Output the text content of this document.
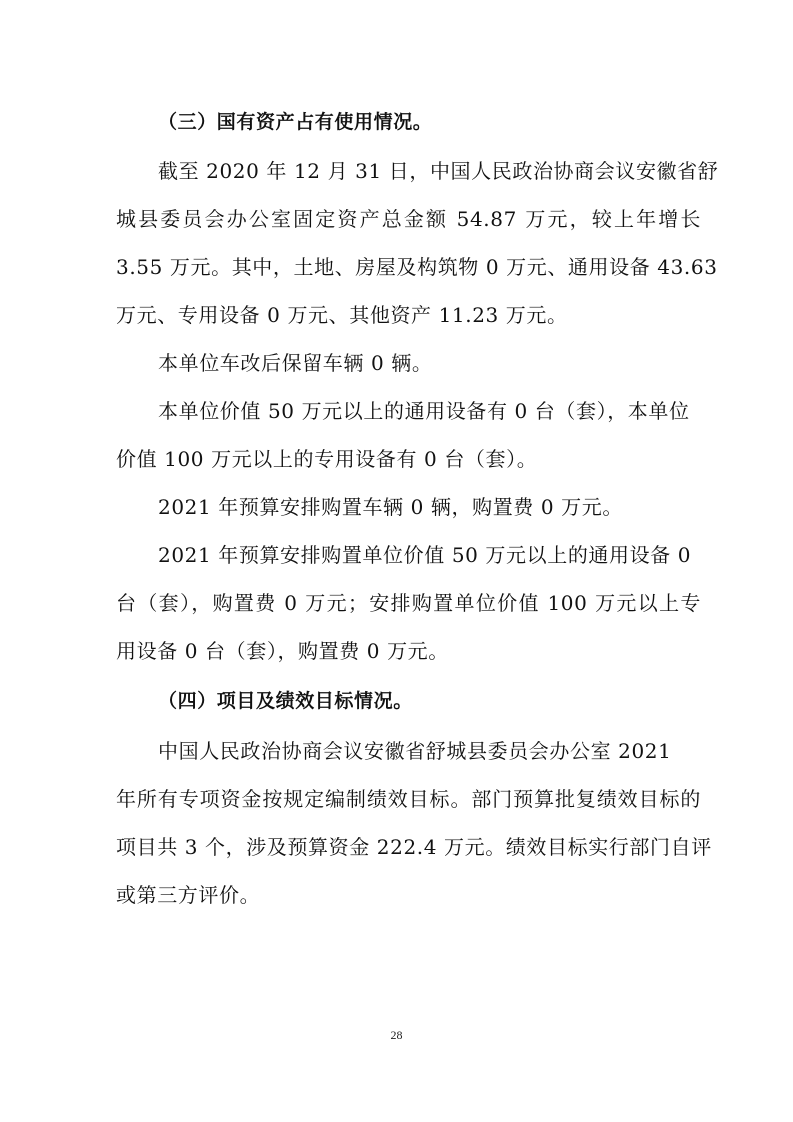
（三）国有资产占有使用情况。
截至 2020 年 12 月 31 日，中国人民政治协商会议安徽省舒
城县委员会办公室固定资产总金额 54.87 万元，较上年增长
3.55 万元。其中，土地、房屋及构筑物 0 万元、通用设备 43.63
万元、专用设备 0 万元、其他资产 11.23 万元。
本单位车改后保留车辆 0 辆。
本单位价值 50 万元以上的通用设备有 0 台（套），本单位
价值 100 万元以上的专用设备有 0 台（套）。
2021 年预算安排购置车辆 0 辆，购置费 0 万元。
2021 年预算安排购置单位价值 50 万元以上的通用设备 0
台（套），购置费 0 万元；安排购置单位价值 100 万元以上专
用设备 0 台（套），购置费 0 万元。
（四）项目及绩效目标情况。
中国人民政治协商会议安徽省舒城县委员会办公室 2021
年所有专项资金按规定编制绩效目标。部门预算批复绩效目标的
项目共 3 个，涉及预算资金 222.4 万元。绩效目标实行部门自评
或第三方评价。
28
